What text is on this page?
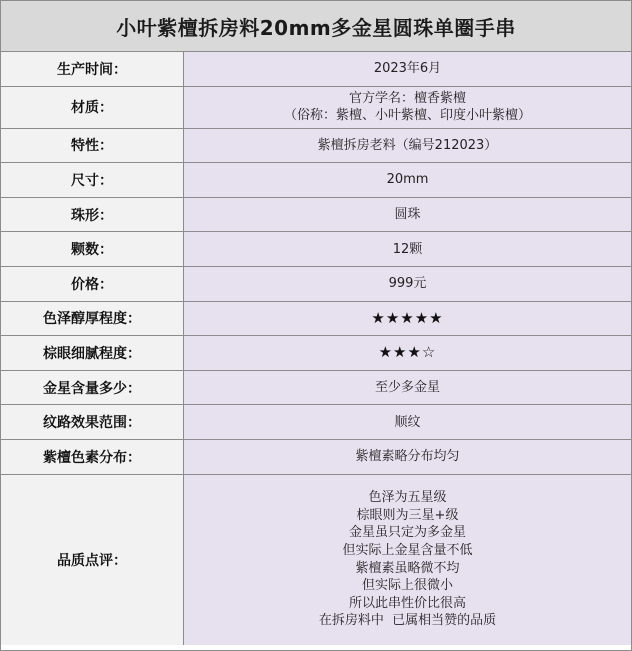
小叶紫檀拆房料20mm多金星圆珠单圈手串
生产时间：	2023年6月
材质：
官方学名：檀香紫檀
（俗称：紫檀、小叶紫檀、印度小叶紫檀）
特性：	紫檀拆房老料（编号212023）
尺寸：	20mm
珠形：	圆珠
颗数：	12颗
价格：	999元
色泽醇厚程度：	★★★★★
棕眼细腻程度：	★★★☆
金星含量多少：	至少多金星
纹路效果范围：	顺纹
紫檀色素分布：	紫檀素略分布均匀
品质点评：
色泽为五星级
棕眼则为三星+级
金星虽只定为多金星
但实际上金星含量不低
紫檀素虽略微不均
但实际上很微小
所以此串性价比很高
在拆房料中  已属相当赞的品质
